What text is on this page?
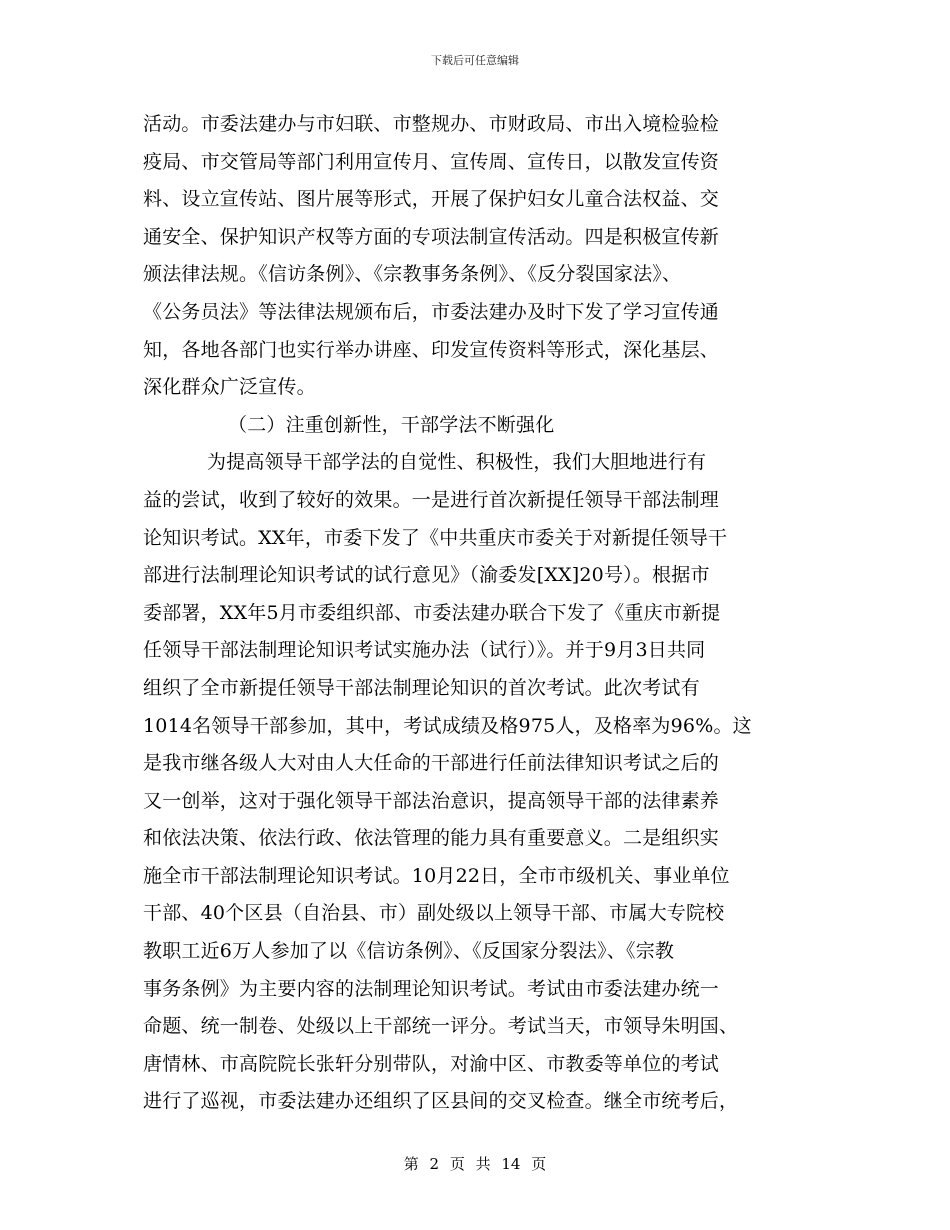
下载后可任意编辑
活动。市委法建办与市妇联、市整规办、市财政局、市出入境检验检
疫局、市交管局等部门利用宣传月、宣传周、宣传日，以散发宣传资
料、设立宣传站、图片展等形式，开展了保护妇女儿童合法权益、交
通安全、保护知识产权等方面的专项法制宣传活动。四是积极宣传新
颁法律法规。《信访条例》、《宗教事务条例》、《反分裂国家法》、
《公务员法》等法律法规颁布后，市委法建办及时下发了学习宣传通
知，各地各部门也实行举办讲座、印发宣传资料等形式，深化基层、
深化群众广泛宣传。
（二）注重创新性，干部学法不断强化
为提高领导干部学法的自觉性、积极性，我们大胆地进行有
益的尝试，收到了较好的效果。一是进行首次新提任领导干部法制理
论知识考试。XX年，市委下发了《中共重庆市委关于对新提任领导干
部进行法制理论知识考试的试行意见》（渝委发[XX]20号）。根据市
委部署，XX年5月市委组织部、市委法建办联合下发了《重庆市新提
任领导干部法制理论知识考试实施办法（试行）》。并于9月3日共同
组织了全市新提任领导干部法制理论知识的首次考试。此次考试有
1014名领导干部参加，其中，考试成绩及格975人，及格率为96%。这
是我市继各级人大对由人大任命的干部进行任前法律知识考试之后的
又一创举，这对于强化领导干部法治意识，提高领导干部的法律素养
和依法决策、依法行政、依法管理的能力具有重要意义。二是组织实
施全市干部法制理论知识考试。10月22日，全市市级机关、事业单位
干部、40个区县（自治县、市）副处级以上领导干部、市属大专院校
教职工近6万人参加了以《信访条例》、《反国家分裂法》、《宗教
事务条例》为主要内容的法制理论知识考试。考试由市委法建办统一
命题、统一制卷、处级以上干部统一评分。考试当天，市领导朱明国、
唐情林、市高院院长张轩分别带队，对渝中区、市教委等单位的考试
进行了巡视，市委法建办还组织了区县间的交叉检查。继全市统考后，
第 2 页 共 14 页
